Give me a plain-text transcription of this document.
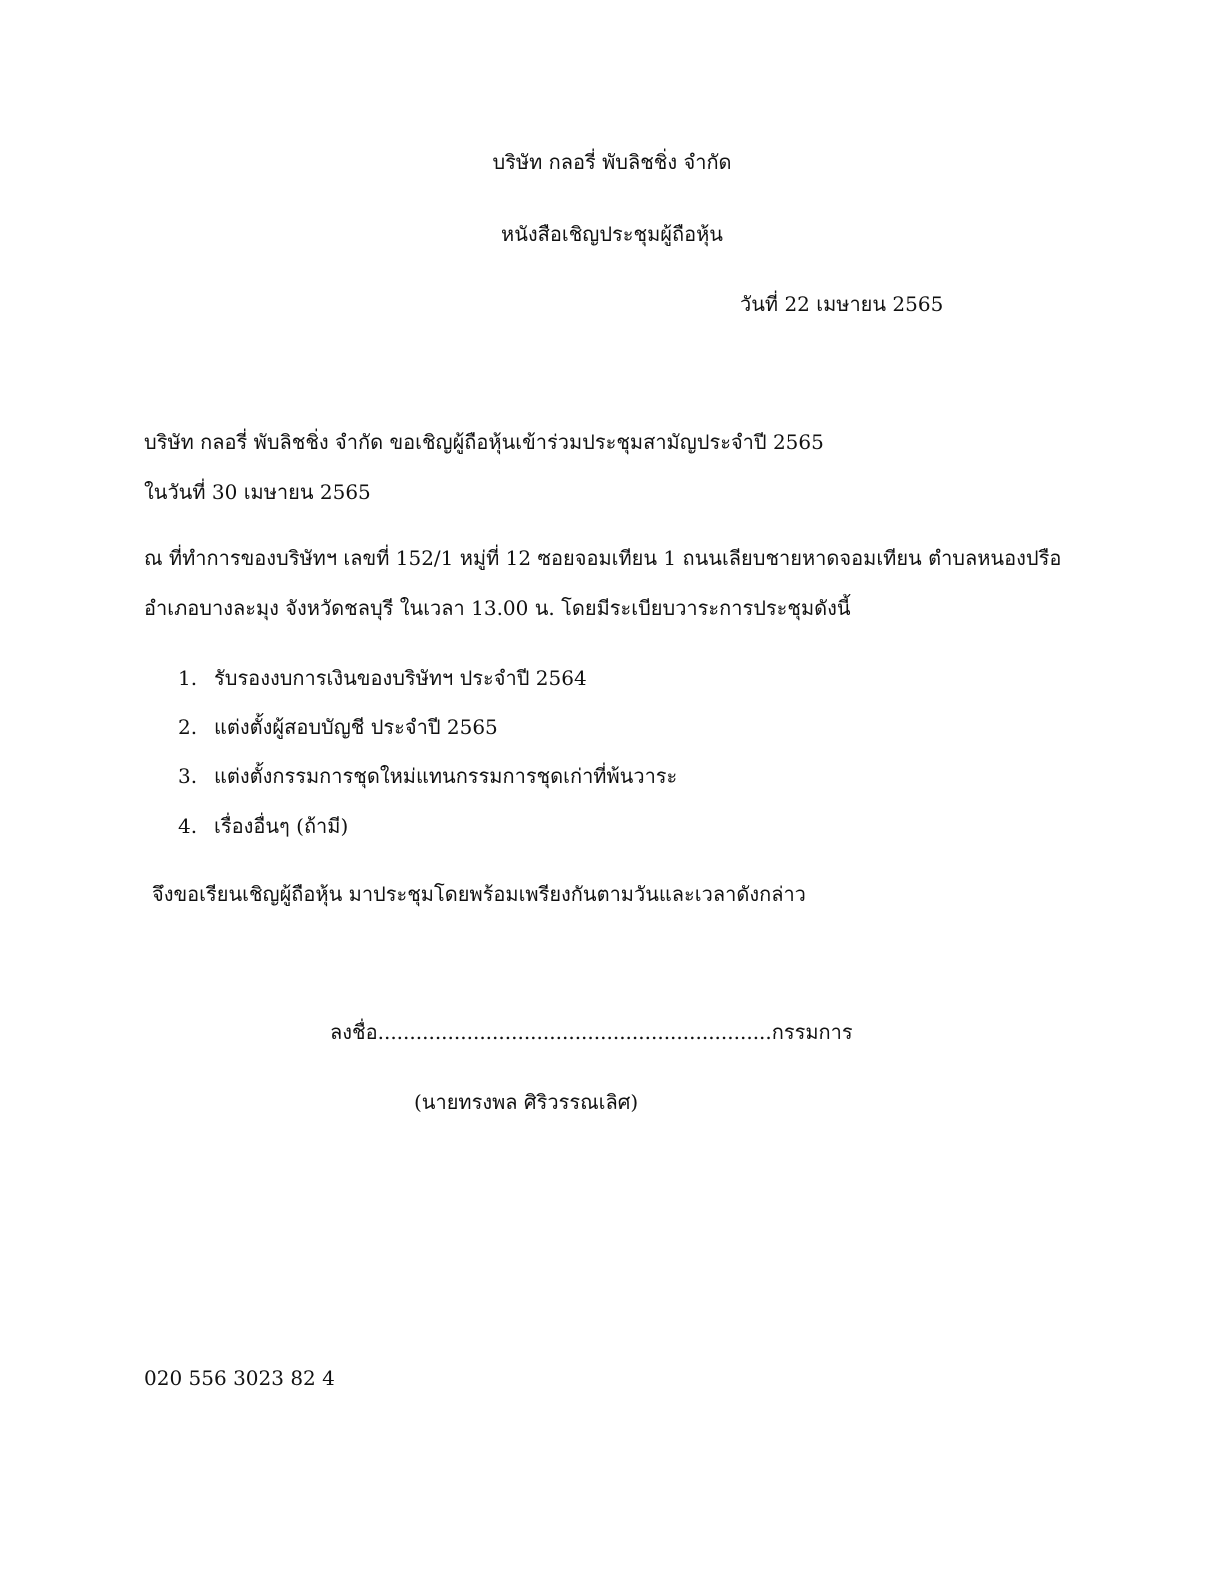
บริษัท กลอรี่ พับลิชชิ่ง จำกัด
หนังสือเชิญประชุมผู้ถือหุ้น
วันที่ 22 เมษายน 2565
บริษัท กลอรี่ พับลิชชิ่ง จำกัด ขอเชิญผู้ถือหุ้นเข้าร่วมประชุมสามัญประจำปี 2565
ในวันที่ 30 เมษายน 2565
ณ ที่ทำการของบริษัทฯ เลขที่ 152/1 หมู่ที่ 12 ซอยจอมเทียน 1 ถนนเลียบชายหาดจอมเทียน ตำบลหนองปรือ
อำเภอบางละมุง จังหวัดชลบุรี ในเวลา 13.00 น. โดยมีระเบียบวาระการประชุมดังนี้
1. รับรองงบการเงินของบริษัทฯ ประจำปี 2564
2. แต่งตั้งผู้สอบบัญชี ประจำปี 2565
3. แต่งตั้งกรรมการชุดใหม่แทนกรรมการชุดเก่าที่พ้นวาระ
4. เรื่องอื่นๆ (ถ้ามี)
จึงขอเรียนเชิญผู้ถือหุ้น มาประชุมโดยพร้อมเพรียงกันตามวันและเวลาดังกล่าว
ลงชื่อ..............................................................กรรมการ
(นายทรงพล ศิริวรรณเลิศ)
020 556 3023 82 4
